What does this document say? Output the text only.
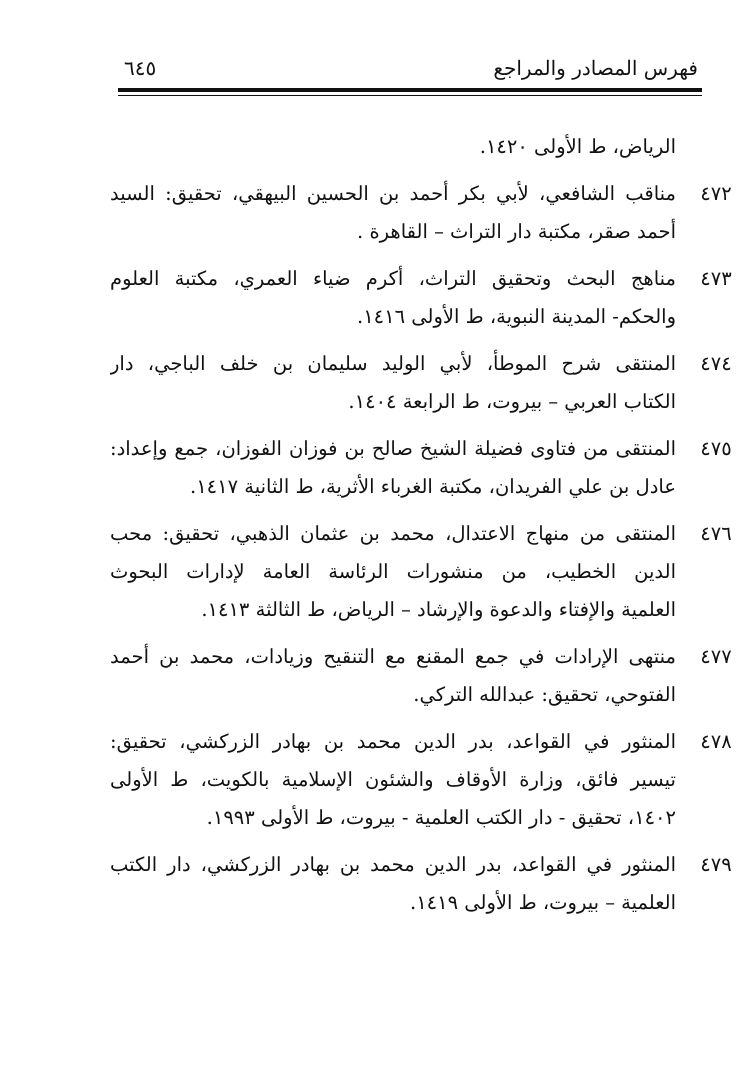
فهرس المصادر والمراجع
٦٤٥
الرياض، ط الأولى ١٤٢٠.
٤٧٢
مناقب الشافعي، لأبي بكر أحمد بن الحسين البيهقي، تحقيق: السيد
أحمد صقر، مكتبة دار التراث – القاهرة .
٤٧٣
مناهج البحث وتحقيق التراث، أكرم ضياء العمري، مكتبة العلوم
والحكم- المدينة النبوية، ط الأولى ١٤١٦.
٤٧٤
المنتقى شرح الموطأ، لأبي الوليد سليمان بن خلف الباجي، دار
الكتاب العربي – بيروت، ط الرابعة ١٤٠٤.
٤٧٥
المنتقى من فتاوى فضيلة الشيخ صالح بن فوزان الفوزان، جمع وإعداد:
عادل بن علي الفريدان، مكتبة الغرباء الأثرية، ط الثانية ١٤١٧.
٤٧٦
المنتقى من منهاج الاعتدال، محمد بن عثمان الذهبي، تحقيق: محب
الدين الخطيب، من منشورات الرئاسة العامة لإدارات البحوث
العلمية والإفتاء والدعوة والإرشاد – الرياض، ط الثالثة ١٤١٣.
٤٧٧
منتهى الإرادات في جمع المقنع مع التنقيح وزيادات، محمد بن أحمد
الفتوحي، تحقيق: عبدالله التركي.
٤٧٨
المنثور في القواعد، بدر الدين محمد بن بهادر الزركشي، تحقيق:
تيسير فائق، وزارة الأوقاف والشئون الإسلامية بالكويت، ط الأولى
١٤٠٢، تحقيق - دار الكتب العلمية - بيروت، ط الأولى ١٩٩٣.
٤٧٩
المنثور في القواعد، بدر الدين محمد بن بهادر الزركشي، دار الكتب
العلمية – بيروت، ط الأولى ١٤١٩.
